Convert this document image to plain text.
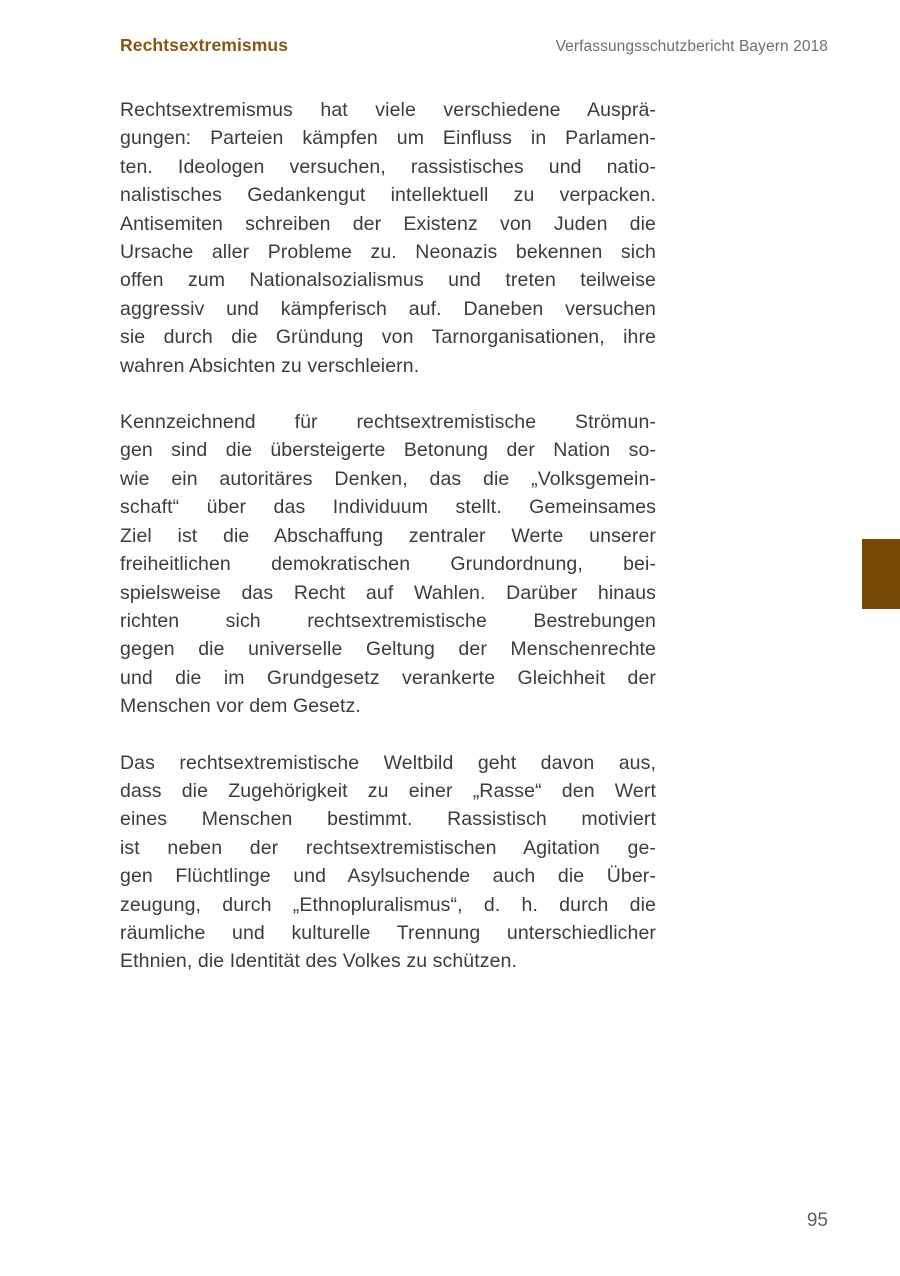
Rechtsextremismus	Verfassungsschutzbericht Bayern 2018
Rechtsextremismus hat viele verschiedene Ausprä-
gungen: Parteien kämpfen um Einfluss in Parlamen-
ten. Ideologen versuchen, rassistisches und natio-
nalistisches Gedankengut intellektuell zu verpacken.
Antisemiten schreiben der Existenz von Juden die
Ursache aller Probleme zu. Neonazis bekennen sich
offen zum Nationalsozialismus und treten teilweise
aggressiv und kämpferisch auf. Daneben versuchen
sie durch die Gründung von Tarnorganisationen, ihre
wahren Absichten zu verschleiern.
Kennzeichnend für rechtsextremistische Strömun-
gen sind die übersteigerte Betonung der Nation so-
wie ein autoritäres Denken, das die „Volksgemein-
schaft“ über das Individuum stellt. Gemeinsames
Ziel ist die Abschaffung zentraler Werte unserer
freiheitlichen demokratischen Grundordnung, bei-
spielsweise das Recht auf Wahlen. Darüber hinaus
richten sich rechtsextremistische Bestrebungen
gegen die universelle Geltung der Menschenrechte
und die im Grundgesetz verankerte Gleichheit der
Menschen vor dem Gesetz.
Das rechtsextremistische Weltbild geht davon aus,
dass die Zugehörigkeit zu einer „Rasse“ den Wert
eines Menschen bestimmt. Rassistisch motiviert
ist neben der rechtsextremistischen Agitation ge-
gen Flüchtlinge und Asylsuchende auch die Über-
zeugung, durch „Ethnopluralismus“, d. h. durch die
räumliche und kulturelle Trennung unterschiedlicher
Ethnien, die Identität des Volkes zu schützen.
95
